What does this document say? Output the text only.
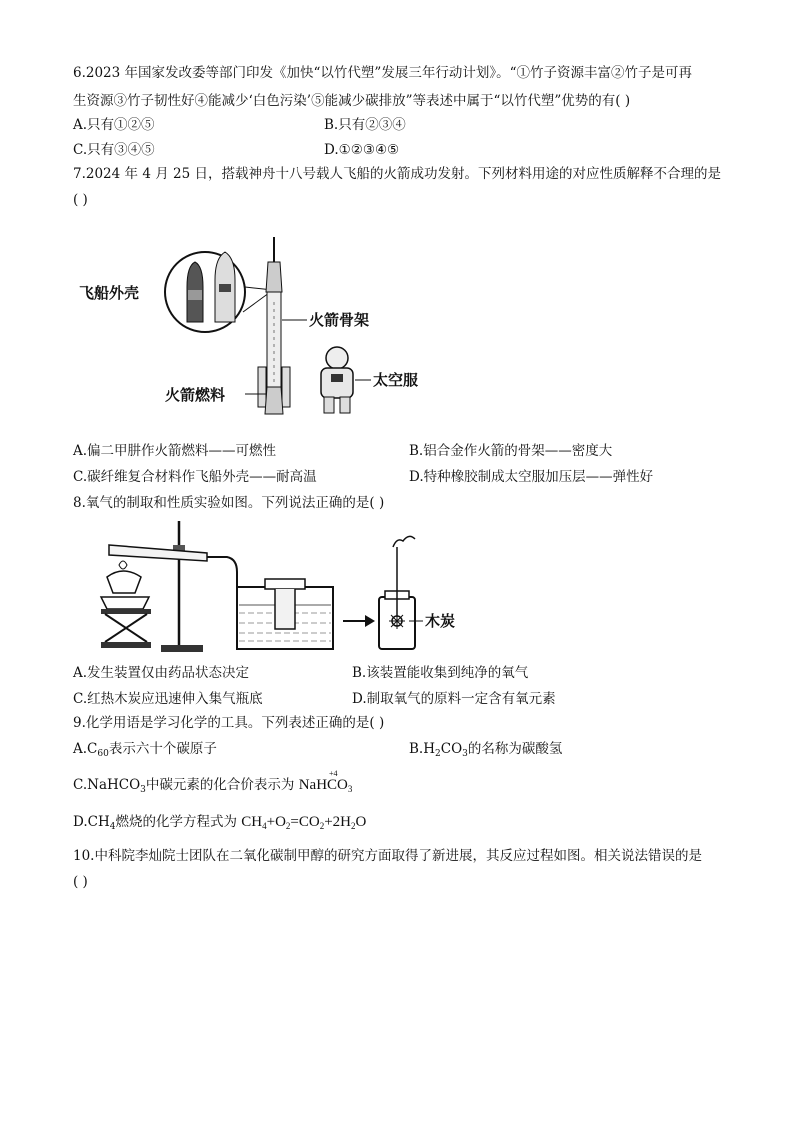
6.2023 年国家发改委等部门印发《加快“以竹代塑”发展三年行动计划》。“①竹子资源丰富②竹子是可再
生资源③竹子韧性好④能减少‘白色污染’⑤能减少碳排放”等表述中属于“以竹代塑”优势的有( )
A.只有①②⑤	B.只有②③④
C.只有③④⑤	D.①②③④⑤
7.2024 年 4 月 25 日，搭载神舟十八号载人飞船的火箭成功发射。下列材料用途的对应性质解释不合理的是
( )
飞船外壳
火箭骨架
火箭燃料
太空服
A.偏二甲肼作火箭燃料——可燃性	B.铝合金作火箭的骨架——密度大
C.碳纤维复合材料作飞船外壳——耐高温	D.特种橡胶制成太空服加压层——弹性好
8.氧气的制取和性质实验如图。下列说法正确的是( )
木炭
A.发生装置仅由药品状态决定	B.该装置能收集到纯净的氧气
C.红热木炭应迅速伸入集气瓶底	D.制取氧气的原料一定含有氧元素
9.化学用语是学习化学的工具。下列表述正确的是( )
$A.C_{60}$表示六十个碳原子	$B.H_2CO_3$的名称为碳酸氢
C.NaHCO$_3$中碳元素的化合价表示为 NaH
+4
$CO_3$
$D.CH_4$燃烧的化学方程式为 $CH_4+O_2=CO_2+2H_2O$
10.中科院李灿院士团队在二氧化碳制甲醇的研究方面取得了新进展，其反应过程如图。相关说法错误的是
( )
